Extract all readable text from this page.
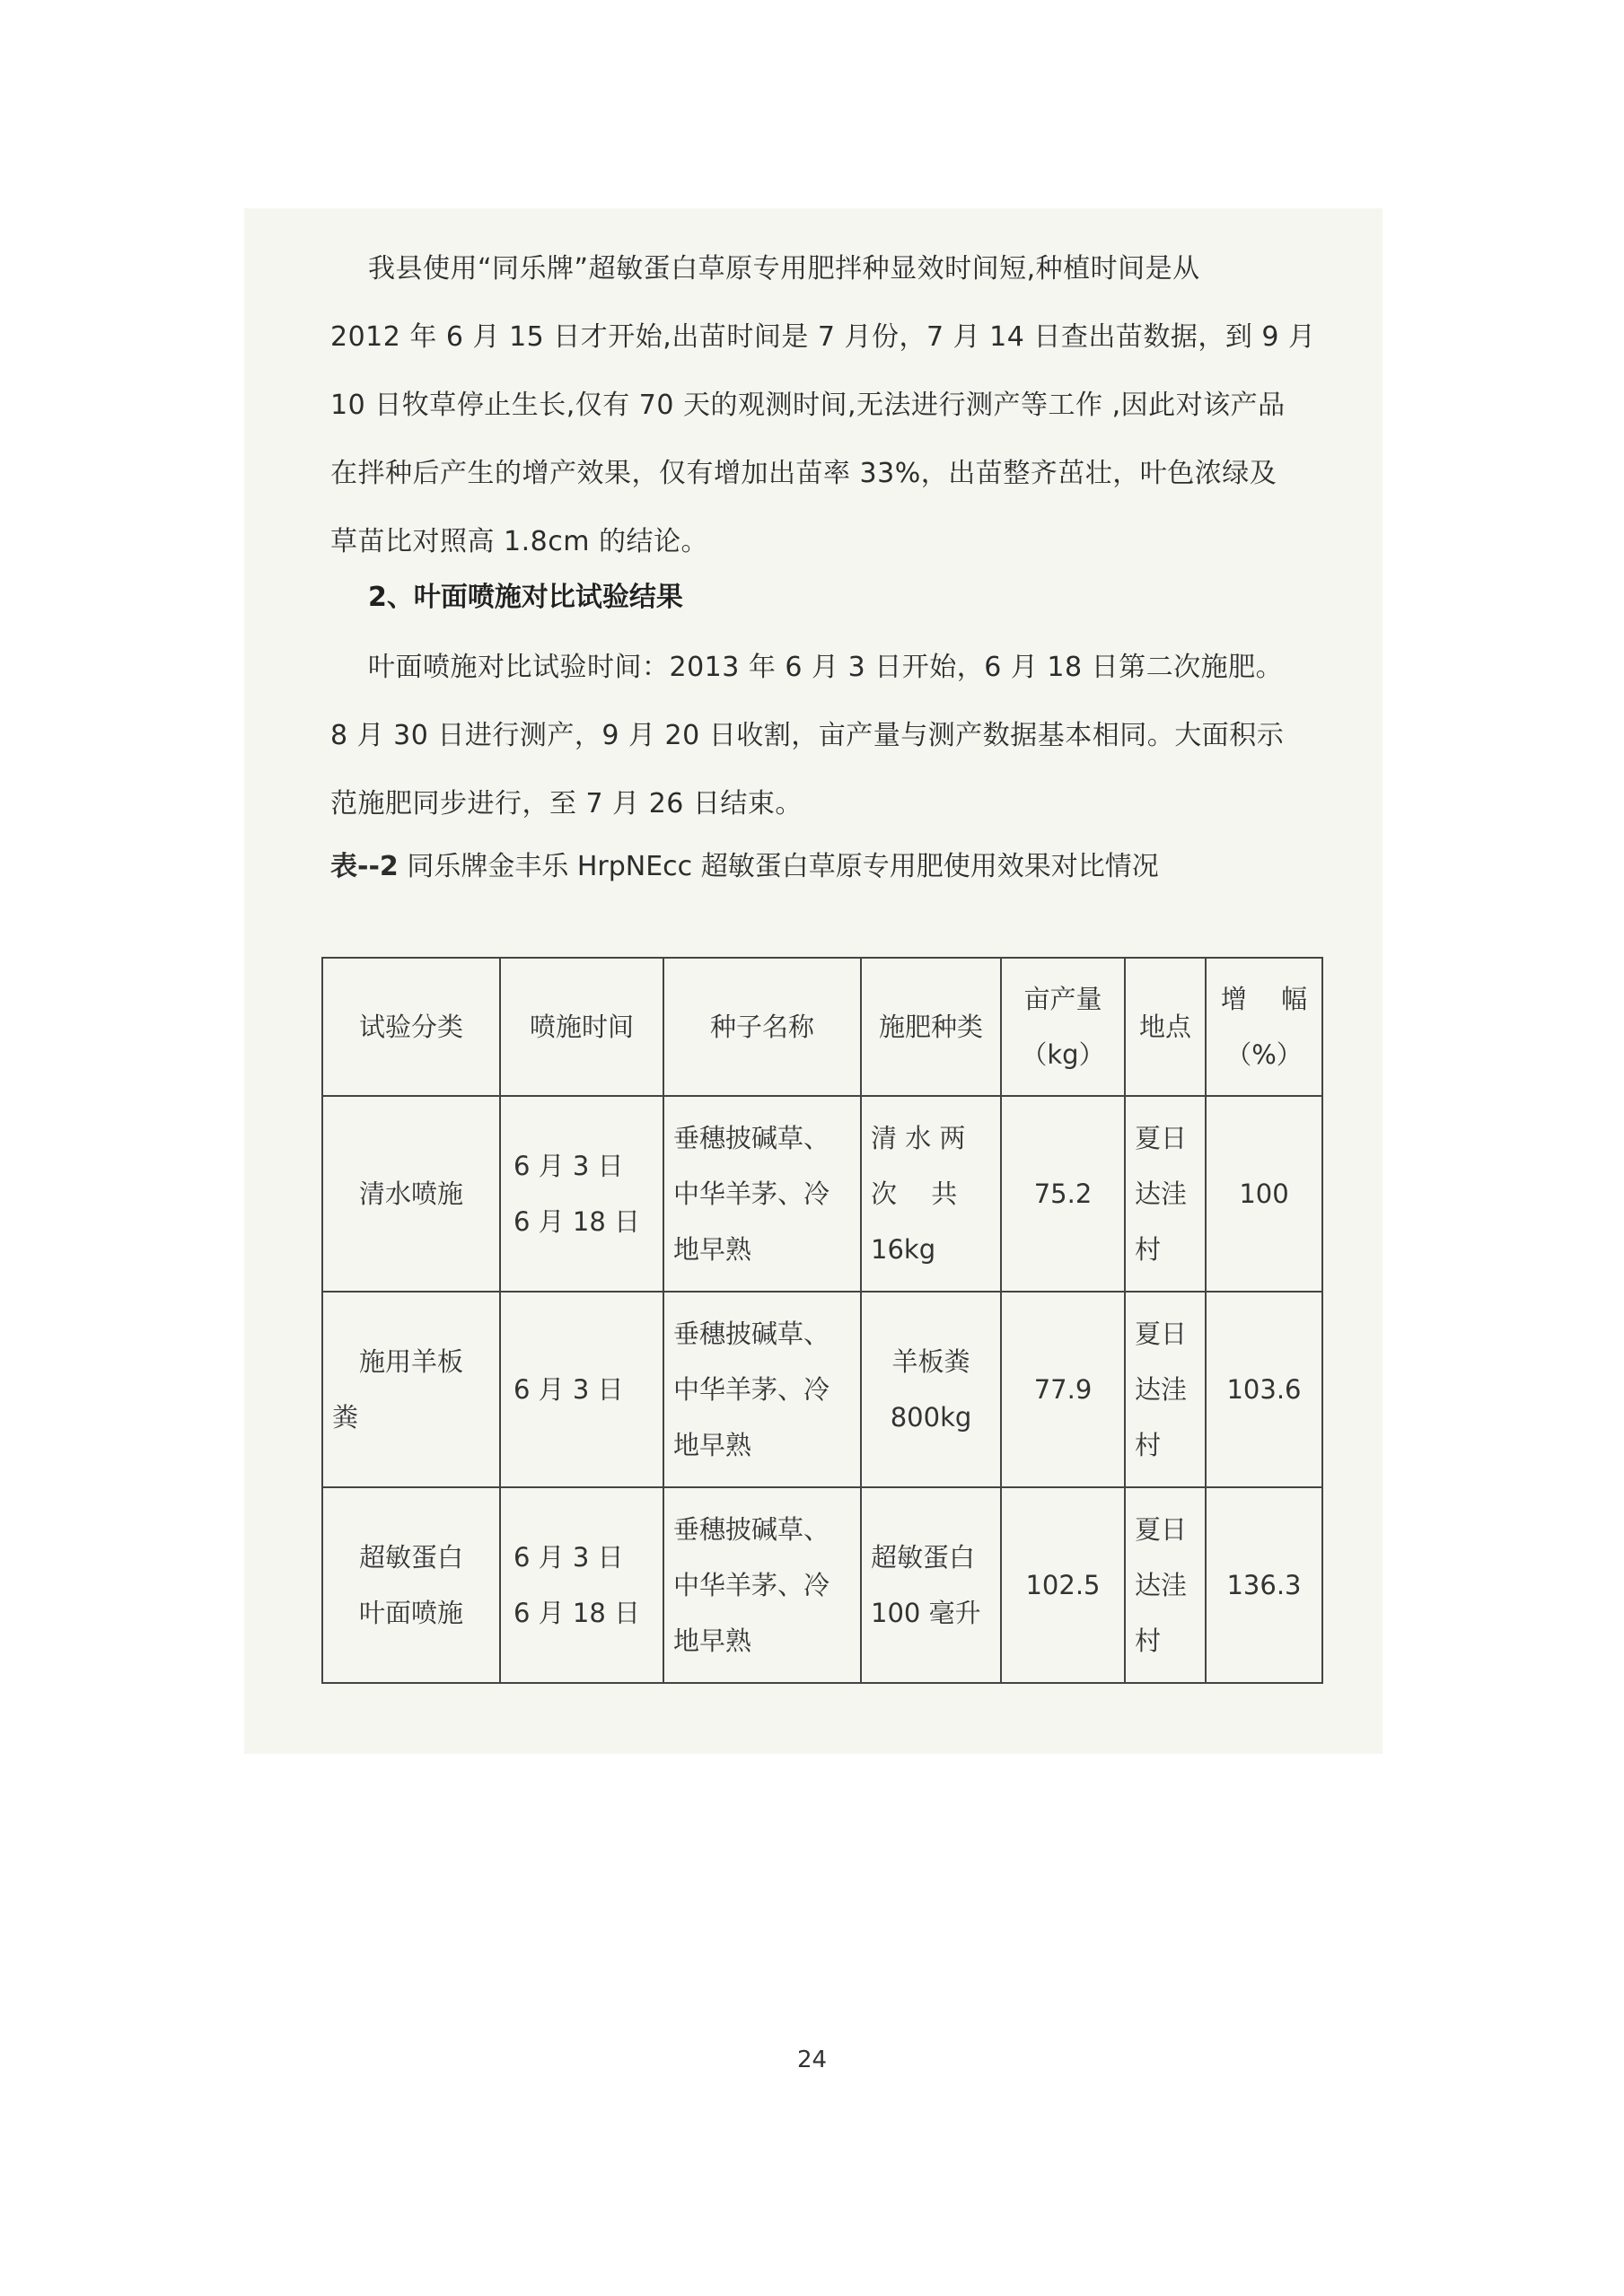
我县使用“同乐牌”超敏蛋白草原专用肥拌种显效时间短,种植时间是从
2012 年 6 月 15 日才开始,出苗时间是 7 月份，7 月 14 日查出苗数据，到 9 月
10 日牧草停止生长,仅有 70 天的观测时间,无法进行测产等工作 ,因此对该产品
在拌种后产生的增产效果，仅有增加出苗率 33%，出苗整齐茁壮，叶色浓绿及
草苗比对照高 1.8cm 的结论。

2、叶面喷施对比试验结果

叶面喷施对比试验时间：2013 年 6 月 3 日开始，6 月 18 日第二次施肥。
8 月 30 日进行测产，9 月 20 日收割，亩产量与测产数据基本相同。大面积示
范施肥同步进行，至 7 月 26 日结束。

表--2 同乐牌金丰乐 HrpNEcc 超敏蛋白草原专用肥使用效果对比情况

试验分类	喷施时间	种子名称	施肥种类	亩产量
（kg）	地点	增　 幅
（%）

清水喷施	6 月 3 日
6 月 18 日	垂穗披碱草、
中华羊茅、冷
地早熟	清 水 两
次　 共
16kg	75.2	夏日
达洼
村	100

施用羊板
粪	6 月 3 日	垂穗披碱草、
中华羊茅、冷
地早熟	羊板粪
800kg	77.9	夏日
达洼
村	103.6

超敏蛋白
叶面喷施	6 月 3 日
6 月 18 日	垂穗披碱草、
中华羊茅、冷
地早熟	超敏蛋白
100 毫升	102.5	夏日
达洼
村	136.3

24
